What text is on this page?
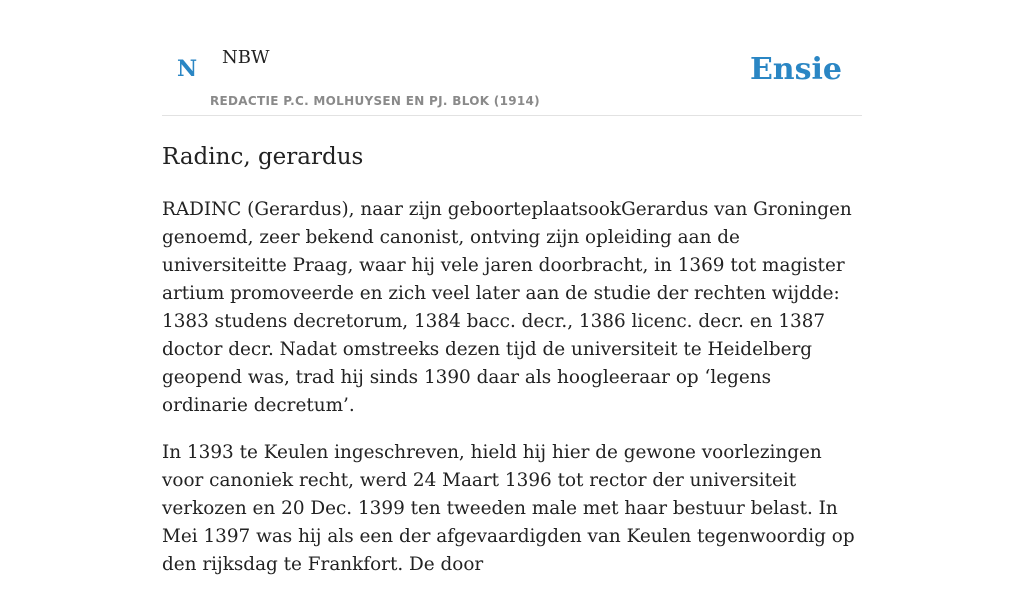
N NBW
REDACTIE P.C. MOLHUYSEN EN PJ. BLOK (1914)
Ensie
Radinc, gerardus

RADINC (Gerardus), naar zijn geboorteplaatsookGerardus van Groningen genoemd, zeer bekend canonist, ontving zijn opleiding aan de universiteitte Praag, waar hij vele jaren doorbracht, in 1369 tot magister artium promoveerde en zich veel later aan de studie der rechten wijdde: 1383 studens decretorum, 1384 bacc. decr., 1386 licenc. decr. en 1387 doctor decr. Nadat omstreeks dezen tijd de universiteit te Heidelberg geopend was, trad hij sinds 1390 daar als hoogleeraar op ‘legens ordinarie decretum’.

In 1393 te Keulen ingeschreven, hield hij hier de gewone voorlezingen voor canoniek recht, werd 24 Maart 1396 tot rector der universiteit verkozen en 20 Dec. 1399 ten tweeden male met haar bestuur belast. In Mei 1397 was hij als een der afgevaardigden van Keulen tegenwoordig op den rijksdag te Frankfort. De door
